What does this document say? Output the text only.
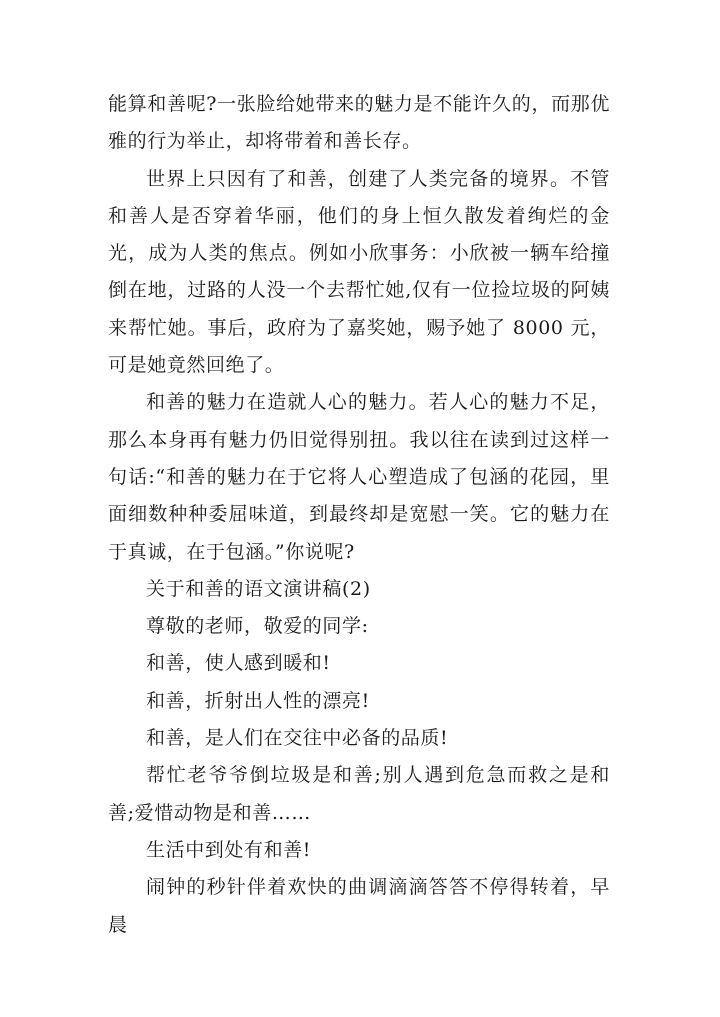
能算和善呢?一张脸给她带来的魅力是不能许久的，而那优雅的行为举止，却将带着和善长存。

世界上只因有了和善，创建了人类完备的境界。不管和善人是否穿着华丽，他们的身上恒久散发着绚烂的金光，成为人类的焦点。例如小欣事务：小欣被一辆车给撞倒在地，过路的人没一个去帮忙她,仅有一位捡垃圾的阿姨来帮忙她。事后，政府为了嘉奖她，赐予她了 8000 元，可是她竟然回绝了。

和善的魅力在造就人心的魅力。若人心的魅力不足，那么本身再有魅力仍旧觉得别扭。我以往在读到过这样一句话:“和善的魅力在于它将人心塑造成了包涵的花园，里面细数种种委屈味道，到最终却是宽慰一笑。它的魅力在于真诚，在于包涵。”你说呢?

关于和善的语文演讲稿(2)

尊敬的老师，敬爱的同学:

和善，使人感到暖和!

和善，折射出人性的漂亮!

和善，是人们在交往中必备的品质!

帮忙老爷爷倒垃圾是和善;别人遇到危急而救之是和善;爱惜动物是和善……

生活中到处有和善!

闹钟的秒针伴着欢快的曲调滴滴答答不停得转着，早晨
